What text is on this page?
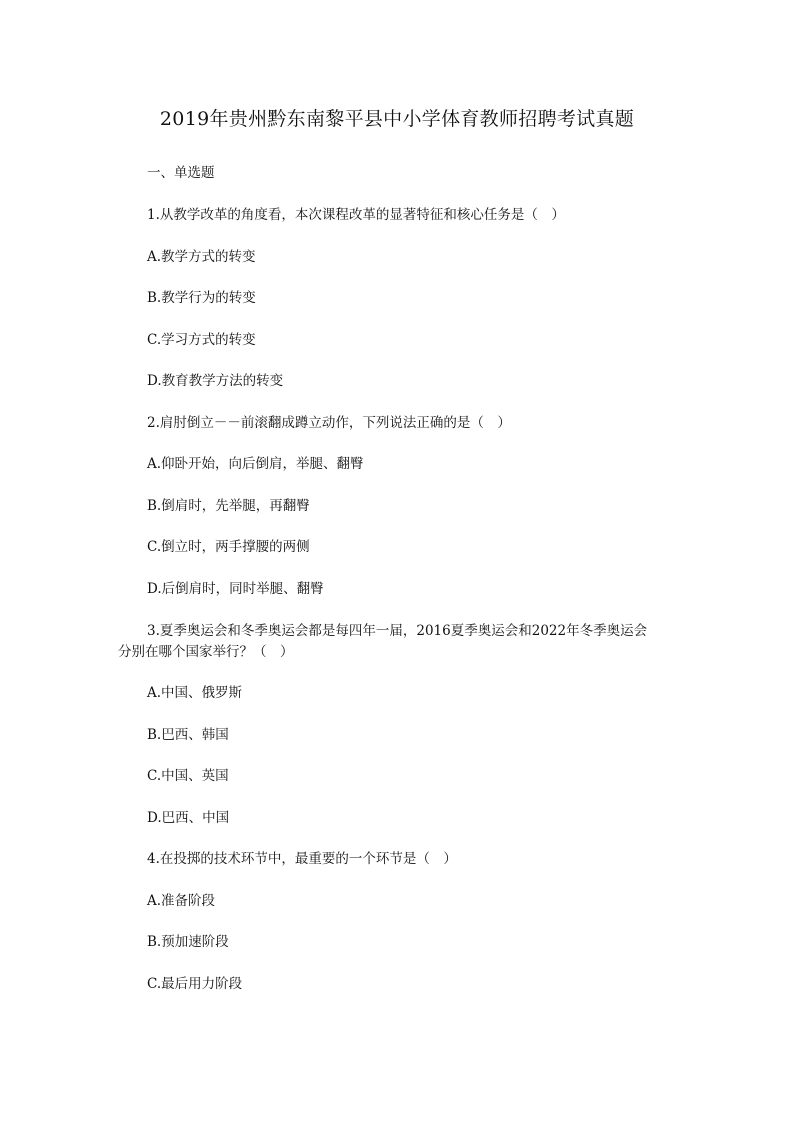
2019年贵州黔东南黎平县中小学体育教师招聘考试真题
一、单选题
1.从教学改革的角度看，本次课程改革的显著特征和核心任务是（　）
A.教学方式的转变
B.教学行为的转变
C.学习方式的转变
D.教育教学方法的转变
2.肩肘倒立－－前滚翻成蹲立动作，下列说法正确的是（　）
A.仰卧开始，向后倒肩，举腿、翻臀
B.倒肩时，先举腿，再翻臀
C.倒立时，两手撑腰的两侧
D.后倒肩时，同时举腿、翻臀
3.夏季奥运会和冬季奥运会都是每四年一届，2016夏季奥运会和2022年冬季奥运会
分别在哪个国家举行？（　）
A.中国、俄罗斯
B.巴西、韩国
C.中国、英国
D.巴西、中国
4.在投掷的技术环节中，最重要的一个环节是（　）
A.准备阶段
B.预加速阶段
C.最后用力阶段
